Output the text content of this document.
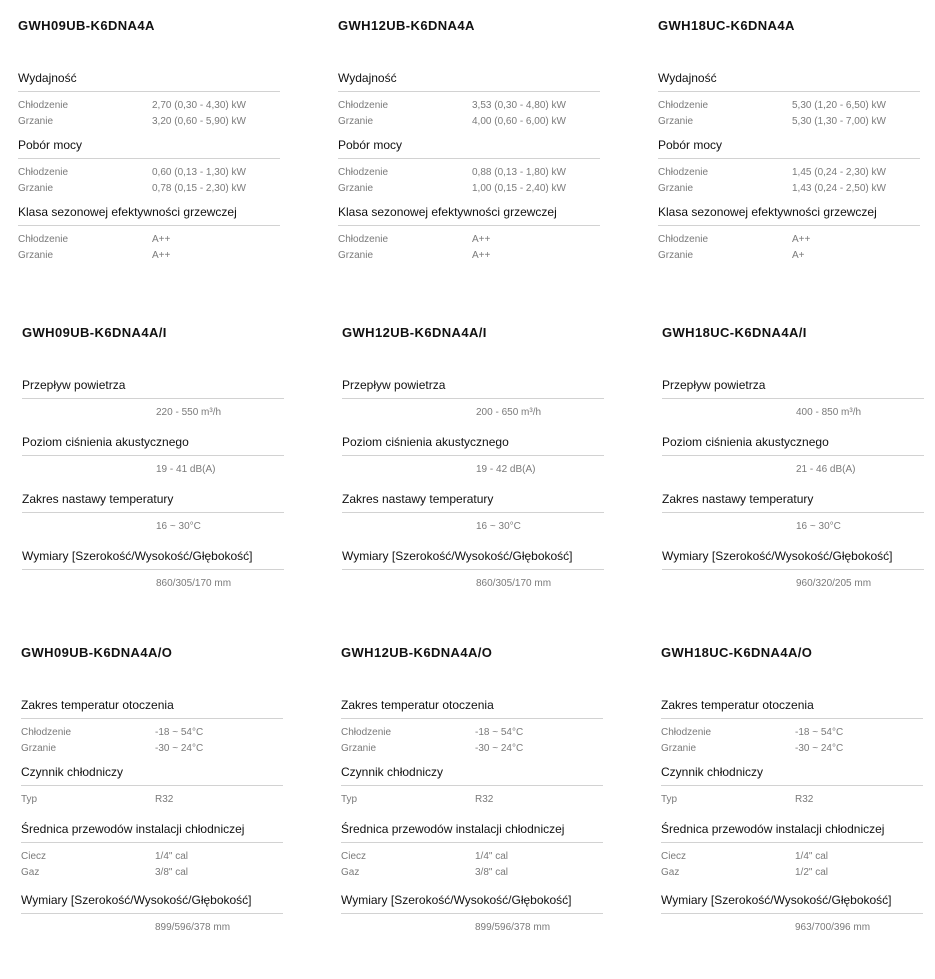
GWH09UB-K6DNA4A
Wydajność
Chłodzenie	2,70 (0,30 - 4,30) kW
Grzanie	3,20 (0,60 - 5,90) kW
Pobór mocy
Chłodzenie	0,60 (0,13 - 1,30) kW
Grzanie	0,78 (0,15 - 2,30) kW
Klasa sezonowej efektywności grzewczej
Chłodzenie	A++
Grzanie	A++
GWH12UB-K6DNA4A
Wydajność
Chłodzenie	3,53 (0,30 - 4,80) kW
Grzanie	4,00 (0,60 - 6,00) kW
Pobór mocy
Chłodzenie	0,88 (0,13 - 1,80) kW
Grzanie	1,00 (0,15 - 2,40) kW
Klasa sezonowej efektywności grzewczej
Chłodzenie	A++
Grzanie	A++
GWH18UC-K6DNA4A
Wydajność
Chłodzenie	5,30 (1,20 - 6,50) kW
Grzanie	5,30 (1,30 - 7,00) kW
Pobór mocy
Chłodzenie	1,45 (0,24 - 2,30) kW
Grzanie	1,43 (0,24 - 2,50) kW
Klasa sezonowej efektywności grzewczej
Chłodzenie	A++
Grzanie	A+
GWH09UB-K6DNA4A/I
Przepływ powietrza
220 - 550 m³/h
Poziom ciśnienia akustycznego
19 - 41 dB(A)
Zakres nastawy temperatury
16 ~ 30°C
Wymiary [Szerokość/Wysokość/Głębokość]
860/305/170 mm
GWH12UB-K6DNA4A/I
Przepływ powietrza
200 - 650 m³/h
Poziom ciśnienia akustycznego
19 - 42 dB(A)
Zakres nastawy temperatury
16 ~ 30°C
Wymiary [Szerokość/Wysokość/Głębokość]
860/305/170 mm
GWH18UC-K6DNA4A/I
Przepływ powietrza
400 - 850 m³/h
Poziom ciśnienia akustycznego
21 - 46 dB(A)
Zakres nastawy temperatury
16 ~ 30°C
Wymiary [Szerokość/Wysokość/Głębokość]
960/320/205 mm
GWH09UB-K6DNA4A/O
Zakres temperatur otoczenia
Chłodzenie	-18 ~ 54°C
Grzanie	-30 ~ 24°C
Czynnik chłodniczy
Typ	R32
Średnica przewodów instalacji chłodniczej
Ciecz	1/4" cal
Gaz	3/8" cal
Wymiary [Szerokość/Wysokość/Głębokość]
899/596/378 mm
GWH12UB-K6DNA4A/O
Zakres temperatur otoczenia
Chłodzenie	-18 ~ 54°C
Grzanie	-30 ~ 24°C
Czynnik chłodniczy
Typ	R32
Średnica przewodów instalacji chłodniczej
Ciecz	1/4" cal
Gaz	3/8" cal
Wymiary [Szerokość/Wysokość/Głębokość]
899/596/378 mm
GWH18UC-K6DNA4A/O
Zakres temperatur otoczenia
Chłodzenie	-18 ~ 54°C
Grzanie	-30 ~ 24°C
Czynnik chłodniczy
Typ	R32
Średnica przewodów instalacji chłodniczej
Ciecz	1/4" cal
Gaz	1/2" cal
Wymiary [Szerokość/Wysokość/Głębokość]
963/700/396 mm
